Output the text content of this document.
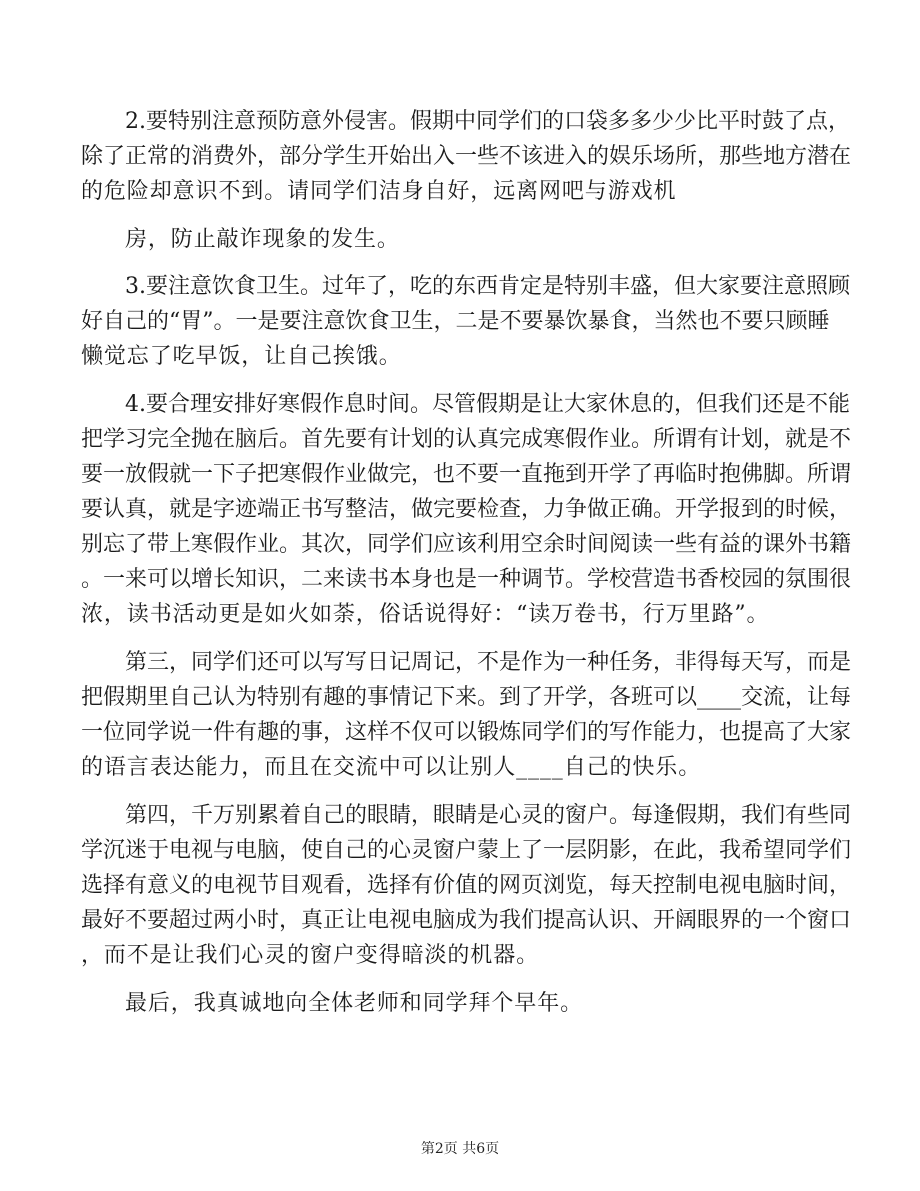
2.要特别注意预防意外侵害。假期中同学们的口袋多多少少比平时鼓了点，
除了正常的消费外，部分学生开始出入一些不该进入的娱乐场所，那些地方潜在
的危险却意识不到。请同学们洁身自好，远离网吧与游戏机
房，防止敲诈现象的发生。
3.要注意饮食卫生。过年了，吃的东西肯定是特别丰盛，但大家要注意照顾
好自己的“胃”。一是要注意饮食卫生，二是不要暴饮暴食，当然也不要只顾睡
懒觉忘了吃早饭，让自己挨饿。
4.要合理安排好寒假作息时间。尽管假期是让大家休息的，但我们还是不能
把学习完全抛在脑后。首先要有计划的认真完成寒假作业。所谓有计划，就是不
要一放假就一下子把寒假作业做完，也不要一直拖到开学了再临时抱佛脚。所谓
要认真，就是字迹端正书写整洁，做完要检查，力争做正确。开学报到的时候，
别忘了带上寒假作业。其次，同学们应该利用空余时间阅读一些有益的课外书籍
。一来可以增长知识，二来读书本身也是一种调节。学校营造书香校园的氛围很
浓，读书活动更是如火如荼，俗话说得好：“读万卷书，行万里路”。
第三，同学们还可以写写日记周记，不是作为一种任务，非得每天写，而是
把假期里自己认为特别有趣的事情记下来。到了开学，各班可以____交流，让每
一位同学说一件有趣的事，这样不仅可以锻炼同学们的写作能力，也提高了大家
的语言表达能力，而且在交流中可以让别人____自己的快乐。
第四，千万别累着自己的眼睛，眼睛是心灵的窗户。每逢假期，我们有些同
学沉迷于电视与电脑，使自己的心灵窗户蒙上了一层阴影，在此，我希望同学们
选择有意义的电视节目观看，选择有价值的网页浏览，每天控制电视电脑时间，
最好不要超过两小时，真正让电视电脑成为我们提高认识、开阔眼界的一个窗口
，而不是让我们心灵的窗户变得暗淡的机器。
最后，我真诚地向全体老师和同学拜个早年。
第2页 共6页
